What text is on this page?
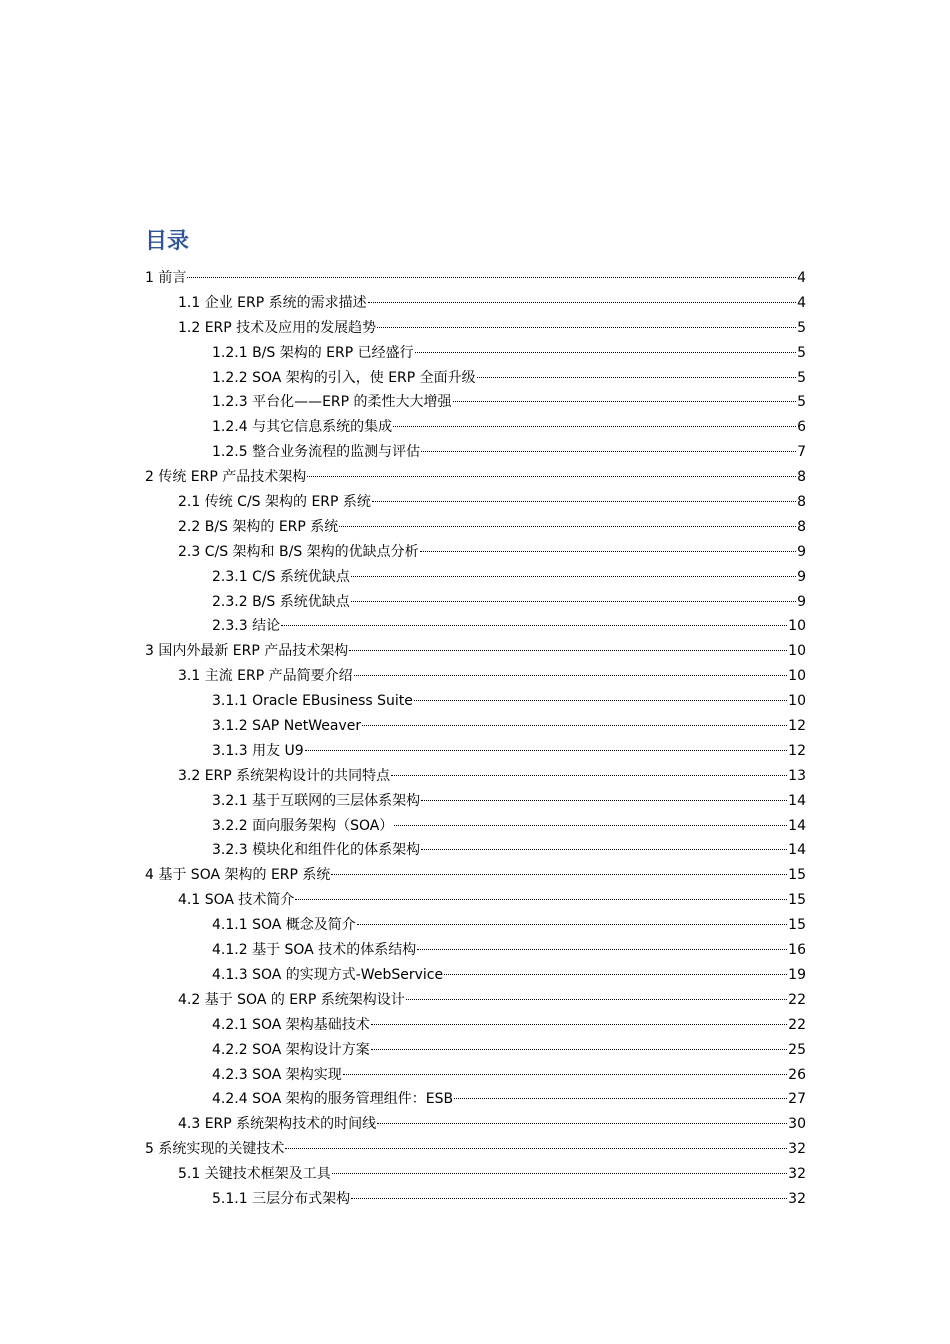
目录
1 前言	4
1.1 企业 ERP 系统的需求描述	4
1.2 ERP 技术及应用的发展趋势	5
1.2.1 B/S 架构的 ERP 已经盛行	5
1.2.2 SOA 架构的引入，使 ERP 全面升级	5
1.2.3 平台化——ERP 的柔性大大增强	5
1.2.4 与其它信息系统的集成	6
1.2.5 整合业务流程的监测与评估	7
2 传统 ERP 产品技术架构	8
2.1 传统 C/S 架构的 ERP 系统	8
2.2 B/S 架构的 ERP 系统	8
2.3 C/S 架构和 B/S 架构的优缺点分析	9
2.3.1 C/S 系统优缺点	9
2.3.2 B/S 系统优缺点	9
2.3.3 结论	10
3 国内外最新 ERP 产品技术架构	10
3.1 主流 ERP 产品简要介绍	10
3.1.1 Oracle EBusiness Suite	10
3.1.2 SAP NetWeaver	12
3.1.3 用友 U9	12
3.2 ERP 系统架构设计的共同特点	13
3.2.1 基于互联网的三层体系架构	14
3.2.2 面向服务架构（SOA）	14
3.2.3 模块化和组件化的体系架构	14
4 基于 SOA 架构的 ERP 系统	15
4.1 SOA 技术简介	15
4.1.1 SOA 概念及简介	15
4.1.2 基于 SOA 技术的体系结构	16
4.1.3 SOA 的实现方式-WebService	19
4.2 基于 SOA 的 ERP 系统架构设计	22
4.2.1 SOA 架构基础技术	22
4.2.2 SOA 架构设计方案	25
4.2.3 SOA 架构实现	26
4.2.4 SOA 架构的服务管理组件：ESB	27
4.3 ERP 系统架构技术的时间线	30
5 系统实现的关键技术	32
5.1 关键技术框架及工具	32
5.1.1 三层分布式架构	32
